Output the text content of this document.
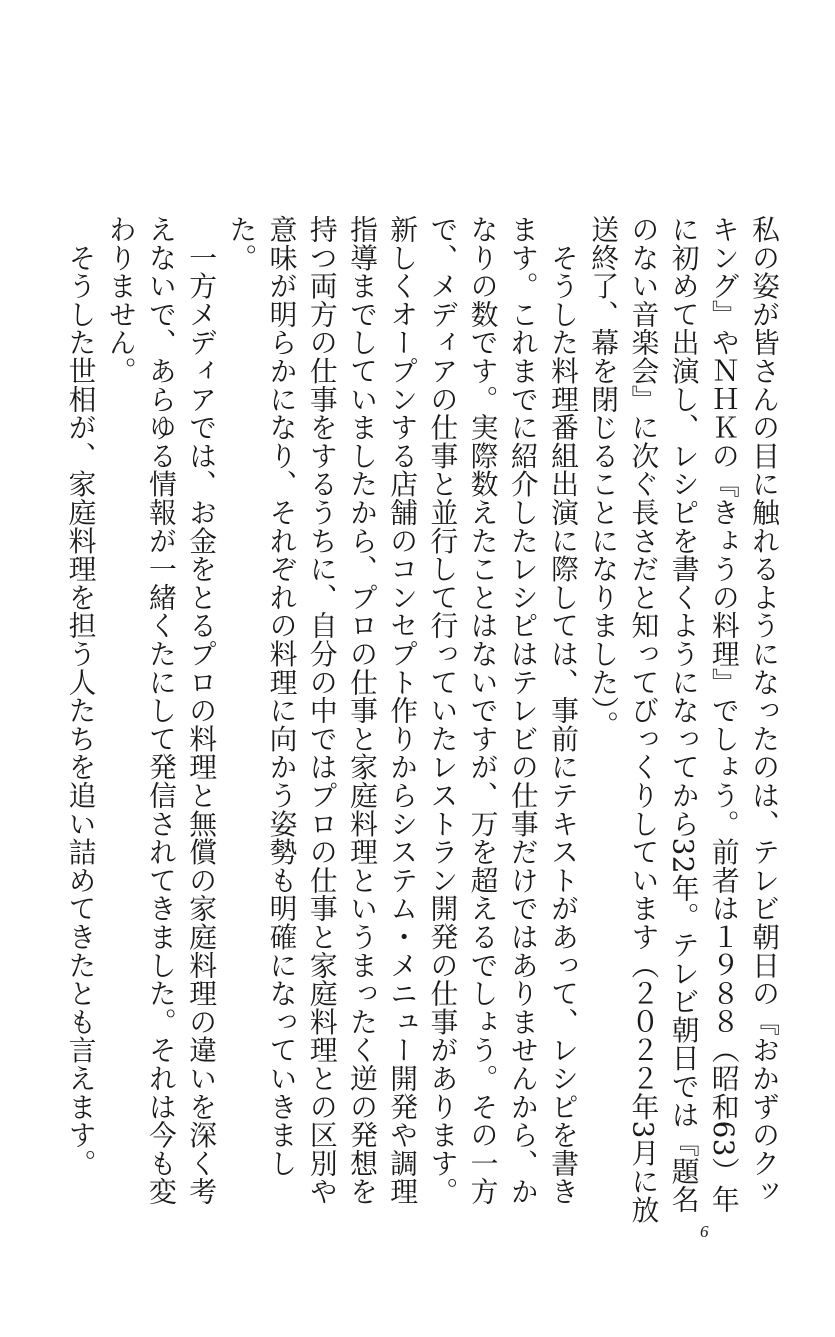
私の姿が皆さんの目に触れるようになったのは、テレビ朝日の『おかずのクッキング』やＮＨＫの『きょうの料理』でしょう。前者は１９８８（昭和63）年に初めて出演し、レシピを書くようになってから32年。テレビ朝日では『題名のない音楽会』に次ぐ長さだと知ってびっくりしています（２０２２年3月に放送終了、幕を閉じることになりました）。

　そうした料理番組出演に際しては、事前にテキストがあって、レシピを書きます。これまでに紹介したレシピはテレビの仕事だけではありませんから、かなりの数です。実際数えたことはないですが、万を超えるでしょう。その一方で、メディアの仕事と並行して行っていたレストラン開発の仕事があります。新しくオープンする店舗のコンセプト作りからシステム・メニュー開発や調理指導までしていましたから、プロの仕事と家庭料理というまったく逆の発想を持つ両方の仕事をするうちに、自分の中ではプロの仕事と家庭料理との区別や意味が明らかになり、それぞれの料理に向かう姿勢も明確になっていきました。

　一方メディアでは、お金をとるプロの料理と無償の家庭料理の違いを深く考えないで、あらゆる情報が一緒くたにして発信されてきました。それは今も変わりません。

　そうした世相が、家庭料理を担う人たちを追い詰めてきたとも言えます。

6
